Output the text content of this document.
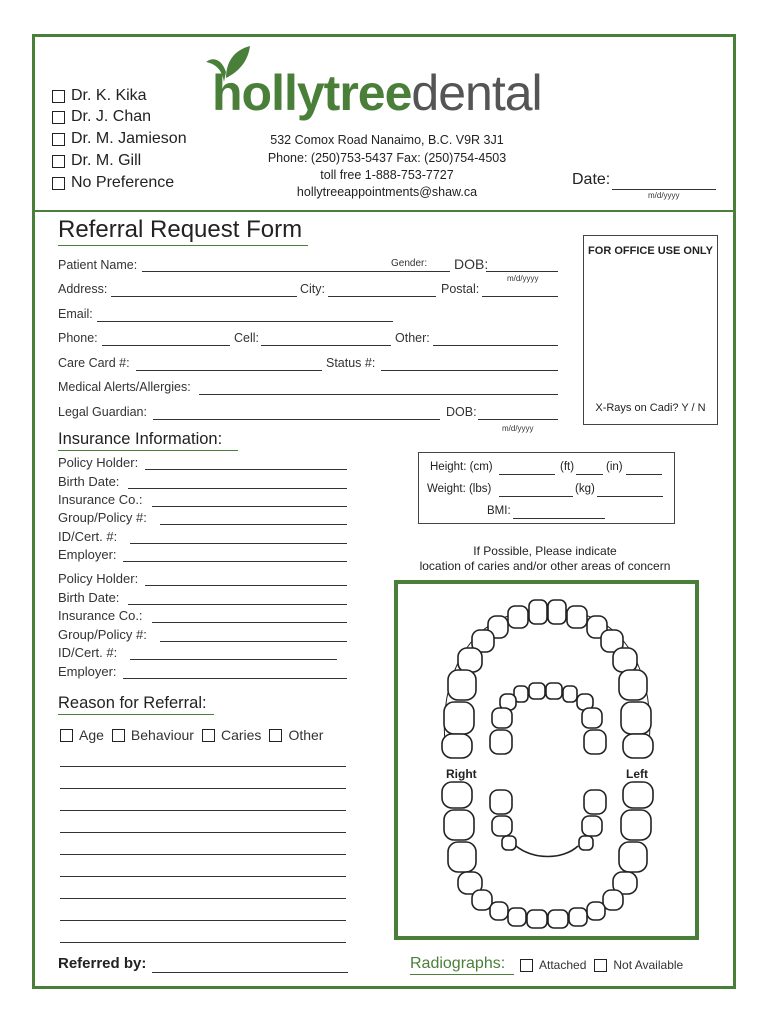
Dr. K. Kika
Dr. J. Chan
Dr. M. Jamieson
Dr. M. Gill
No Preference
hollytreedental
532 Comox Road Nanaimo, B.C. V9R 3J1
Phone: (250)753-5437 Fax: (250)754-4503
toll free 1-888-753-7727
hollytreeappointments@shaw.ca
Date:
m/d/yyyy
Referral Request Form
Patient Name:	Gender: DOB:
m/d/yyyy
Address:	City:	Postal:
Email:
Phone:	Cell:	Other:
Care Card #:	Status #:
Medical Alerts/Allergies:
Legal Guardian:	DOB:
m/d/yyyy
FOR OFFICE USE ONLY
X-Rays on Cadi? Y / N
Insurance Information:
Policy Holder:
Birth Date:
Insurance Co.:
Group/Policy #:
ID/Cert. #:
Employer:
Policy Holder:
Birth Date:
Insurance Co.:
Group/Policy #:
ID/Cert. #:
Employer:
Height: (cm)	(ft)	(in)
Weight: (lbs)	(kg)
BMI:
If Possible, Please indicate
location of caries and/or other areas of concern
Right	Left
Reason for Referral:
Age Behaviour Caries Other
Referred by:	Radiographs:	Attached Not Available
